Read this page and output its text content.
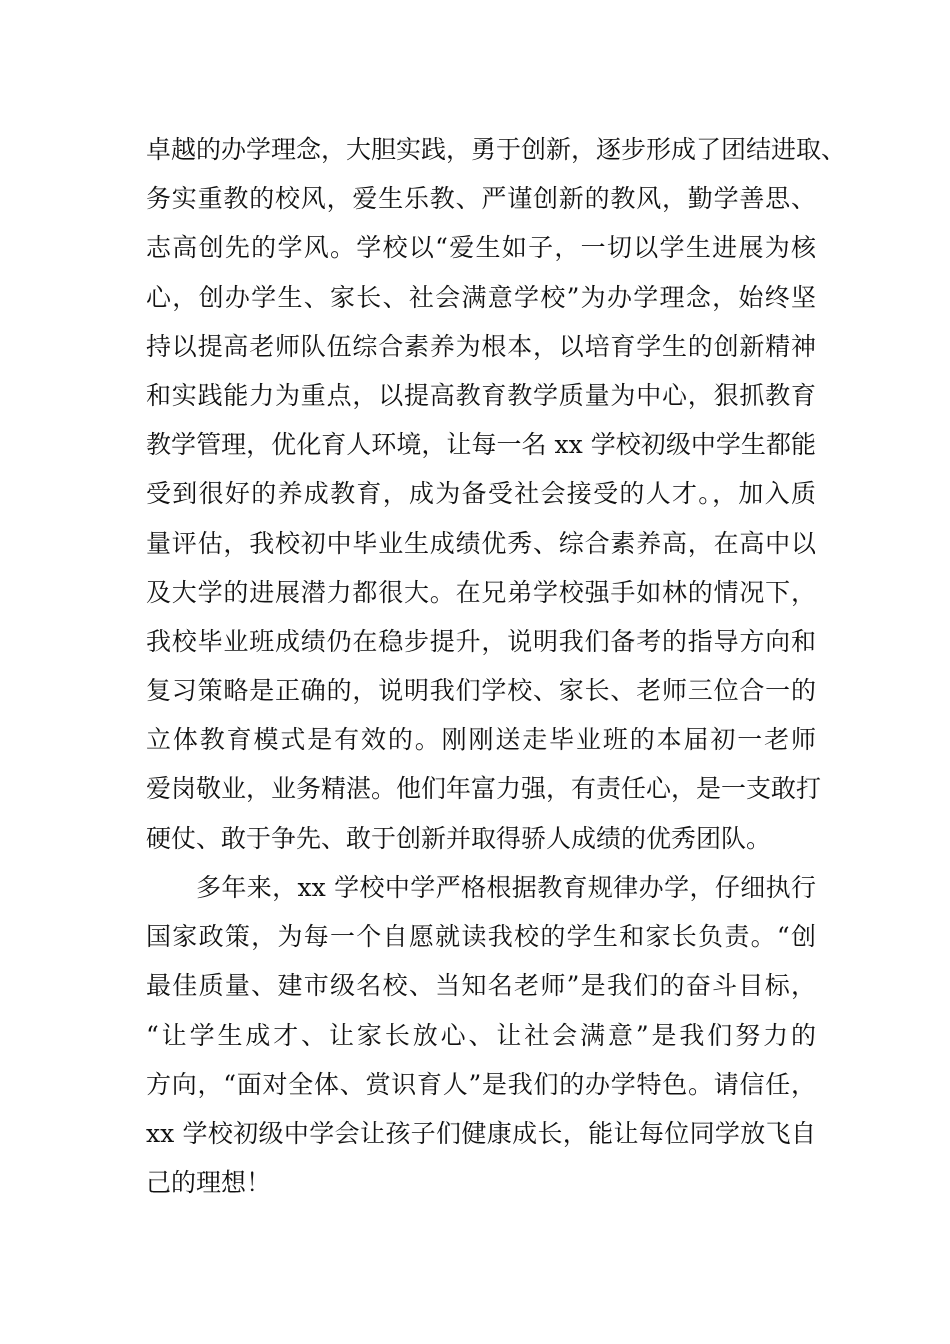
卓越的办学理念，大胆实践，勇于创新，逐步形成了团结进取、
务实重教的校风，爱生乐教、严谨创新的教风，勤学善思、
志高创先的学风。学校以“爱生如子，一切以学生进展为核
心，创办学生、家长、社会满意学校”为办学理念，始终坚
持以提高老师队伍综合素养为根本，以培育学生的创新精神
和实践能力为重点，以提高教育教学质量为中心，狠抓教育
教学管理，优化育人环境，让每一名 xx 学校初级中学生都能
受到很好的养成教育，成为备受社会接受的人才。，加入质
量评估，我校初中毕业生成绩优秀、综合素养高，在高中以
及大学的进展潜力都很大。在兄弟学校强手如林的情况下，
我校毕业班成绩仍在稳步提升，说明我们备考的指导方向和
复习策略是正确的，说明我们学校、家长、老师三位合一的
立体教育模式是有效的。刚刚送走毕业班的本届初一老师
爱岗敬业，业务精湛。他们年富力强，有责任心，是一支敢打
硬仗、敢于争先、敢于创新并取得骄人成绩的优秀团队。
多年来，xx 学校中学严格根据教育规律办学，仔细执行
国家政策，为每一个自愿就读我校的学生和家长负责。“创
最佳质量、建市级名校、当知名老师”是我们的奋斗目标，
“让学生成才、让家长放心、让社会满意”是我们努力的
方向，“面对全体、赏识育人”是我们的办学特色。请信任，
xx 学校初级中学会让孩子们健康成长，能让每位同学放飞自
己的理想！
